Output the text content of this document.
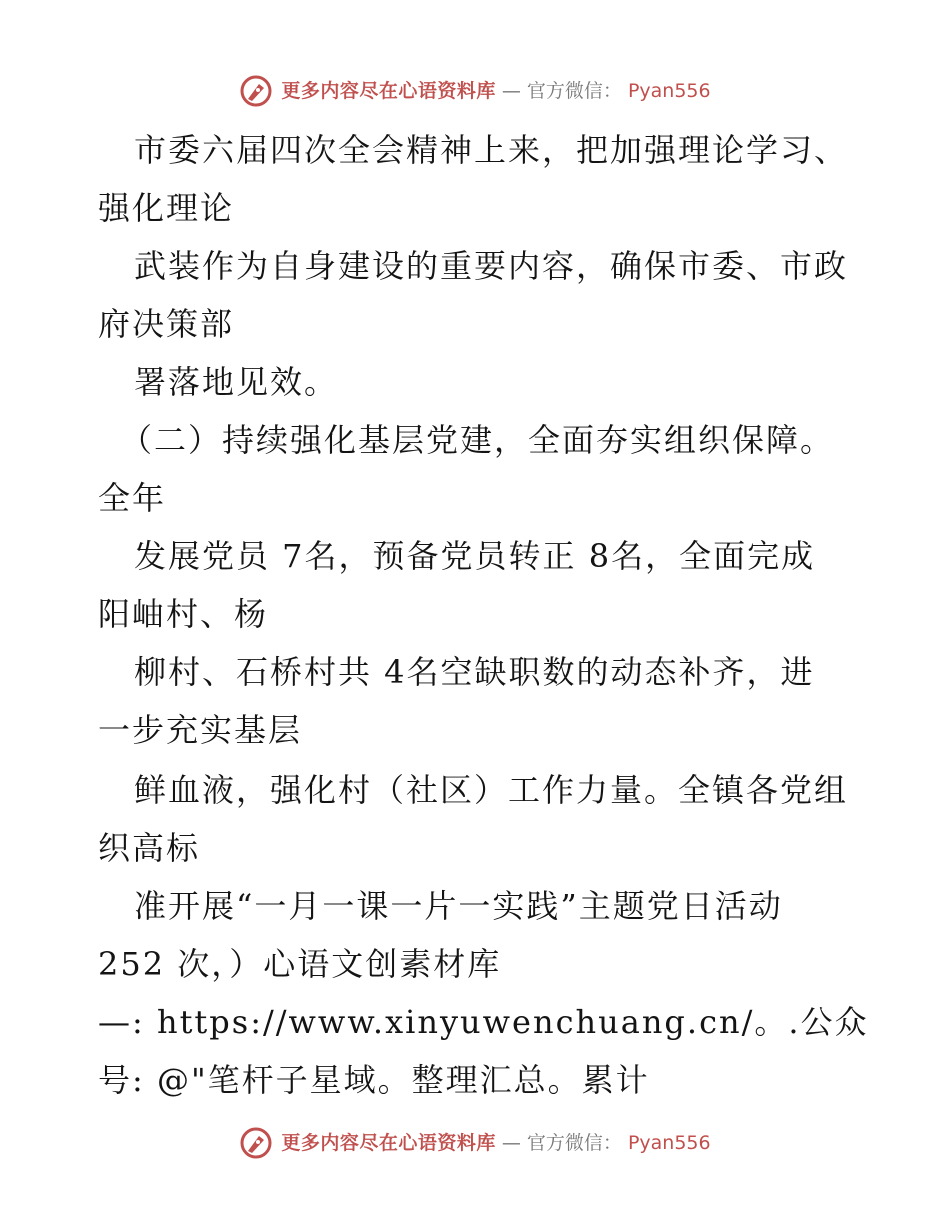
更多内容尽在心语资料库 — 官方微信： Pyan556
市委六届四次全会精神上来，把加强理论学习、
强化理论
武装作为自身建设的重要内容，确保市委、市政
府决策部
署落地见效。
（二）持续强化基层党建，全面夯实组织保障。
全年
发展党员 7名，预备党员转正 8名，全面完成
阳岫村、杨
柳村、石桥村共 4名空缺职数的动态补齐，进
一步充实基层
鲜血液，强化村（社区）工作力量。全镇各党组
织高标
准开展“一月一课一片一实践”主题党日活动
252 次，）心语文创素材库
—: https://www.xinyuwenchuang.cn/。.公众
号: @"笔杆子星域。整理汇总。累计
更多内容尽在心语资料库 — 官方微信： Pyan556
